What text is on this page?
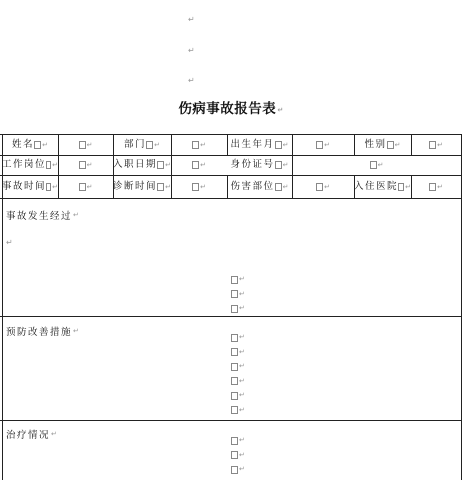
↵
↵
↵
伤病事故报告表↵
姓名 ↵	↵	部门 ↵	↵	出生年月 ↵	↵	性别 ↵	↵
工作岗位 ↵	↵ 入职日期 ↵	↵	身份证号 ↵	↵
事故时间 ↵	↵ 诊断时间 ↵	↵	伤害部位 ↵	↵	入住医院 ↵	↵
事故发生经过↵
↵
↵
↵
↵
预防改善措施↵
↵
↵
↵
↵
↵
↵
治疗情况↵
↵
↵
↵
